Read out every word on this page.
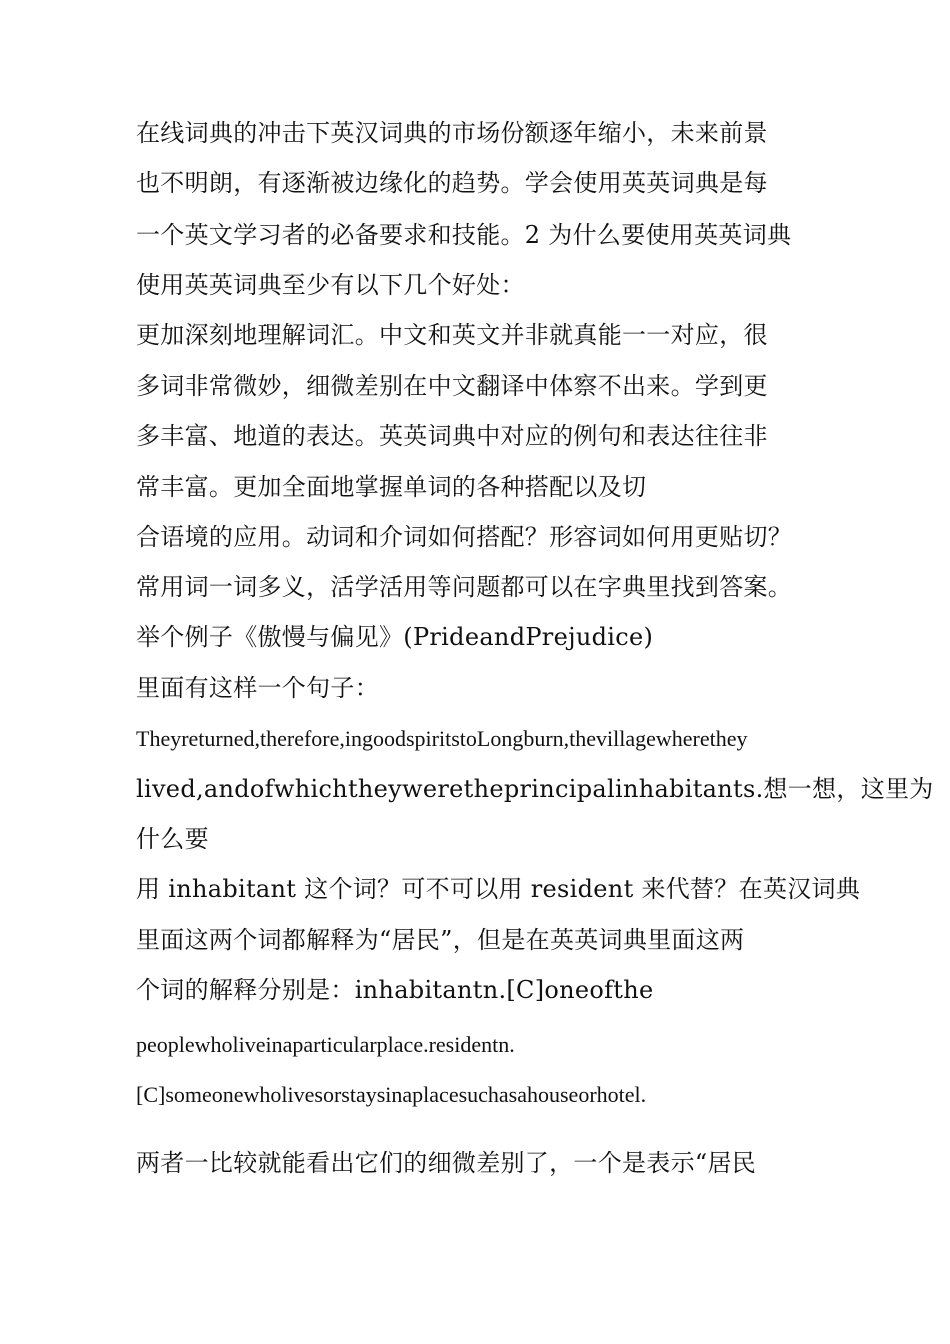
在线词典的冲击下英汉词典的市场份额逐年缩小，未来前景
也不明朗，有逐渐被边缘化的趋势。学会使用英英词典是每
一个英文学习者的必备要求和技能。2 为什么要使用英英词典
使用英英词典至少有以下几个好处：
更加深刻地理解词汇。中文和英文并非就真能一一对应，很
多词非常微妙，细微差别在中文翻译中体察不出来。学到更
多丰富、地道的表达。英英词典中对应的例句和表达往往非
常丰富。更加全面地掌握单词的各种搭配以及切
合语境的应用。动词和介词如何搭配？形容词如何用更贴切？
常用词一词多义，活学活用等问题都可以在字典里找到答案。
举个例子《傲慢与偏见》(PrideandPrejudice)
里面有这样一个句子：
Theyreturned,therefore,ingoodspiritstoLongburn,thevillagewherethey
lived,andofwhichtheyweretheprincipalinhabitants.想一想，这里为
什么要
用 inhabitant 这个词？可不可以用 resident 来代替？在英汉词典
里面这两个词都解释为“居民”，但是在英英词典里面这两
个词的解释分别是：inhabitantn.[C]oneofthe
peoplewholiveinaparticularplace.residentn.
[C]someonewholivesorstaysinaplacesuchasahouseorhotel.
两者一比较就能看出它们的细微差别了，一个是表示“居民
